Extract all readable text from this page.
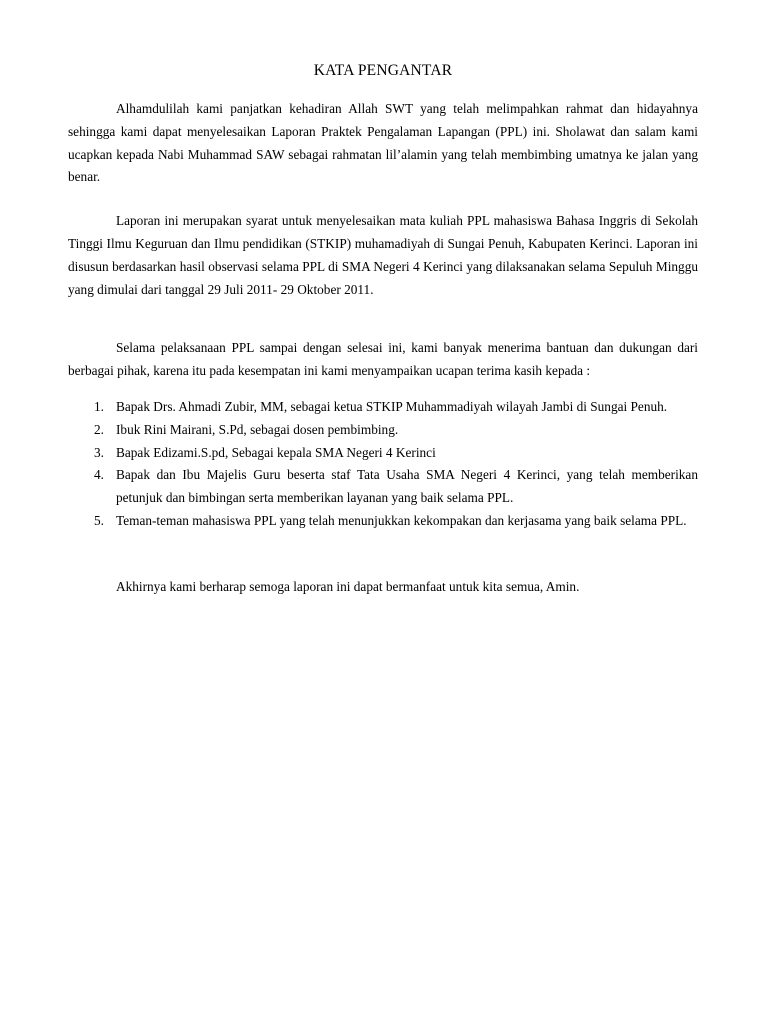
KATA PENGANTAR

Alhamdulilah kami panjatkan kehadiran Allah SWT yang telah melimpahkan rahmat dan hidayahnya sehingga kami dapat menyelesaikan Laporan Praktek Pengalaman Lapangan (PPL) ini. Sholawat dan salam kami ucapkan kepada Nabi Muhammad SAW sebagai rahmatan lil’alamin yang telah membimbing umatnya ke jalan yang benar.

Laporan ini merupakan syarat untuk menyelesaikan mata kuliah PPL mahasiswa Bahasa Inggris di Sekolah Tinggi Ilmu Keguruan dan Ilmu pendidikan (STKIP) muhamadiyah di Sungai Penuh, Kabupaten Kerinci. Laporan ini disusun berdasarkan hasil observasi selama PPL di SMA Negeri 4 Kerinci yang dilaksanakan selama Sepuluh Minggu yang dimulai dari tanggal 29 Juli 2011- 29 Oktober 2011.

Selama pelaksanaan PPL sampai dengan selesai ini, kami banyak menerima bantuan dan dukungan dari berbagai pihak, karena itu pada kesempatan ini kami menyampaikan ucapan terima kasih kepada :

1. Bapak Drs. Ahmadi Zubir, MM, sebagai ketua STKIP Muhammadiyah wilayah Jambi di Sungai Penuh.
2. Ibuk Rini Mairani, S.Pd, sebagai dosen pembimbing.
3. Bapak Edizami.S.pd, Sebagai kepala SMA Negeri 4 Kerinci
4. Bapak dan Ibu Majelis Guru beserta staf Tata Usaha SMA Negeri 4 Kerinci, yang telah memberikan petunjuk dan bimbingan serta memberikan layanan yang baik selama PPL.
5. Teman-teman mahasiswa PPL yang telah menunjukkan kekompakan dan kerjasama yang baik selama PPL.

Akhirnya kami berharap semoga laporan ini dapat bermanfaat untuk kita semua, Amin.
